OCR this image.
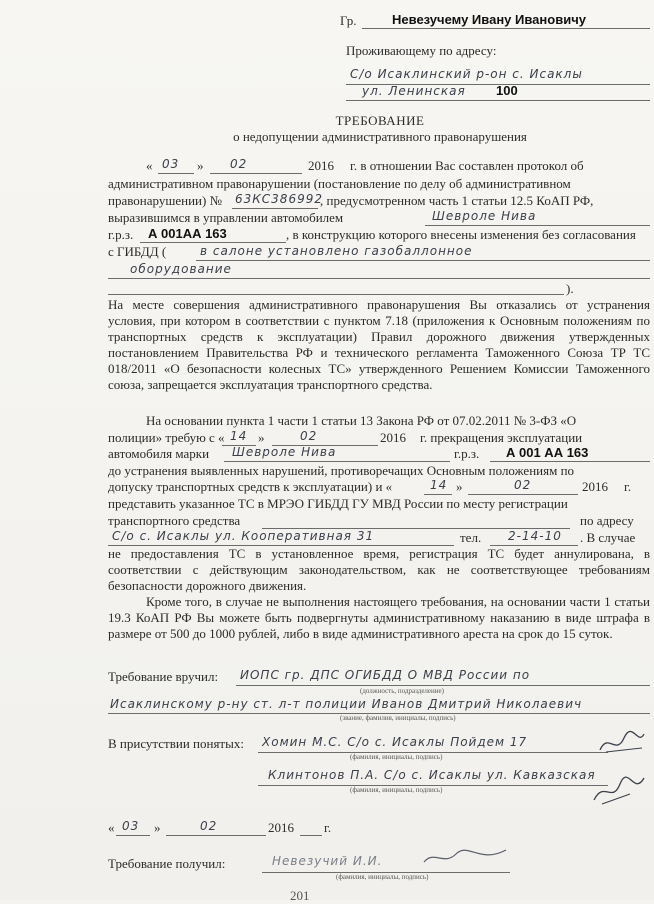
Гр.	Невезучему Ивану Ивановичу
Проживающему по адресу:
С/о Исаклинский р-он с. Исаклы
ул. Ленинская 100
ТРЕБОВАНИЕ
о недопущении административного правонарушения
« 03 » 02	2016 г. в отношении Вас составлен протокол об
административном правонарушении (постановление по делу об административном
правонарушении) № 63КС386992
, предусмотренном часть 1 статьи 12.5 КоАП РФ,
выразившимся в управлении автомобилем	Шевроле Нива
г.р.з. А 001АА 163	, в конструкцию которого внесены изменения без согласования
с ГИБДД (	в салоне установлено газобаллонное
оборудование
).
На месте совершения административного правонарушения Вы отказались от устранения условия, при котором в соответствии с пунктом 7.18 (приложения к Основным положениям по транспортных средств к эксплуатации) Правил дорожного движения утвержденных постановлением Правительства РФ и технического регламента Таможенного Союза ТР ТС 018/2011 «О безопасности колесных ТС» утвержденного Решением Комиссии Таможенного союза, запрещается эксплуатация транспортного средства.
На основании пункта 1 части 1 статьи 13 Закона РФ от 07.02.2011 № 3-ФЗ «О
полиции» требую с « 14 »	02	2016 г. прекращения эксплуатации
автомобиля марки Шевроле Нива	г.р.з. А 001 АА 163
до устранения выявленных нарушений, противоречащих Основным положениям по
допуску транспортных средств к эксплуатации) и «	14 »	02	2016 г.
представить указанное ТС в МРЭО ГИБДД ГУ МВД России по месту регистрации
транспортного средства	по адресу
С/о с. Исаклы ул. Кооперативная 31	тел. 2-14-10 . В случае
не предоставления ТС в установленное время, регистрация ТС будет аннулирована, в соответствии с действующим законодательством, как не соответствующее требованиям безопасности дорожного движения.
Кроме того, в случае не выполнения настоящего требования, на основании части 1 статьи 19.3 КоАП РФ Вы можете быть подвергнуты административному наказанию в виде штрафа в размере от 500 до 1000 рублей, либо в виде административного ареста на срок до 15 суток.
Требование вручил: ИОПС гр. ДПС ОГИБДД О МВД России по
(должность, подразделение)
Исаклинскому р-ну ст. л-т полиции Иванов Дмитрий Николаевич
(звание, фамилия, инициалы, подпись)
В присутствии понятых: Хомин М.С. С/о с. Исаклы Пойдем 17
(фамилия, инициалы, подпись)
Клинтонов П.А. С/о с. Исаклы ул. Кавказская
(фамилия, инициалы, подпись)
« 03 »	02	2016 г.
Требование получил:	Невезучий И.И.
(фамилия, инициалы, подпись)
201
